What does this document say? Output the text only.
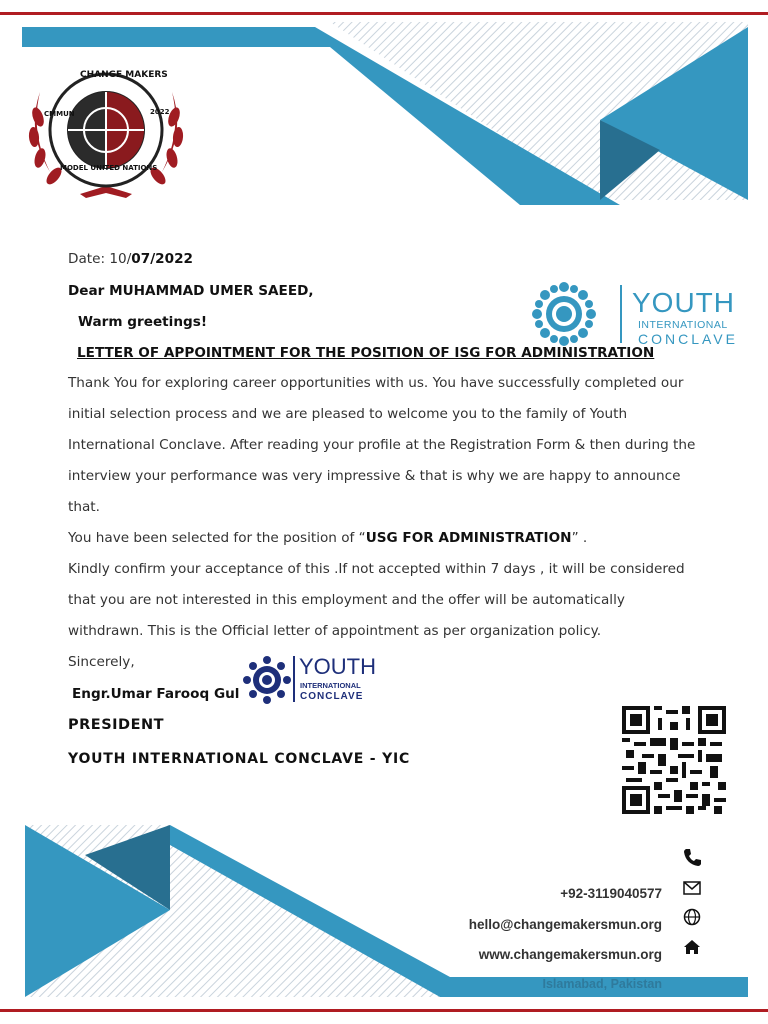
CHANGE MAKERS
MODEL UNITED NATIONS
CMMUN	2022
YOUTH
INTERNATIONAL
CONCLAVE
Date: 10/07/2022
Dear MUHAMMAD UMER SAEED,
Warm greetings!
LETTER OF APPOINTMENT FOR THE POSITION OF ISG FOR ADMINISTRATION
Thank You for exploring career opportunities with us. You have successfully completed our
initial selection process and we are pleased to welcome you to the family of Youth
International Conclave. After reading your profile at the Registration Form & then during the
interview your performance was very impressive & that is why we are happy to announce
that.
You have been selected for the position of “USG FOR ADMINISTRATION” .
Kindly confirm your acceptance of this .If not accepted within 7 days , it will be considered
that you are not interested in this employment and the offer will be automatically
withdrawn. This is the Official letter of appointment as per organization policy.
Sincerely,
Engr.Umar Farooq Gul
YOUTH
INTERNATIONAL
CONCLAVE
PRESIDENT
YOUTH INTERNATIONAL CONCLAVE - YIC
+92-3119040577
hello@changemakersmun.org
www.changemakersmun.org
Islamabad, Pakistan
